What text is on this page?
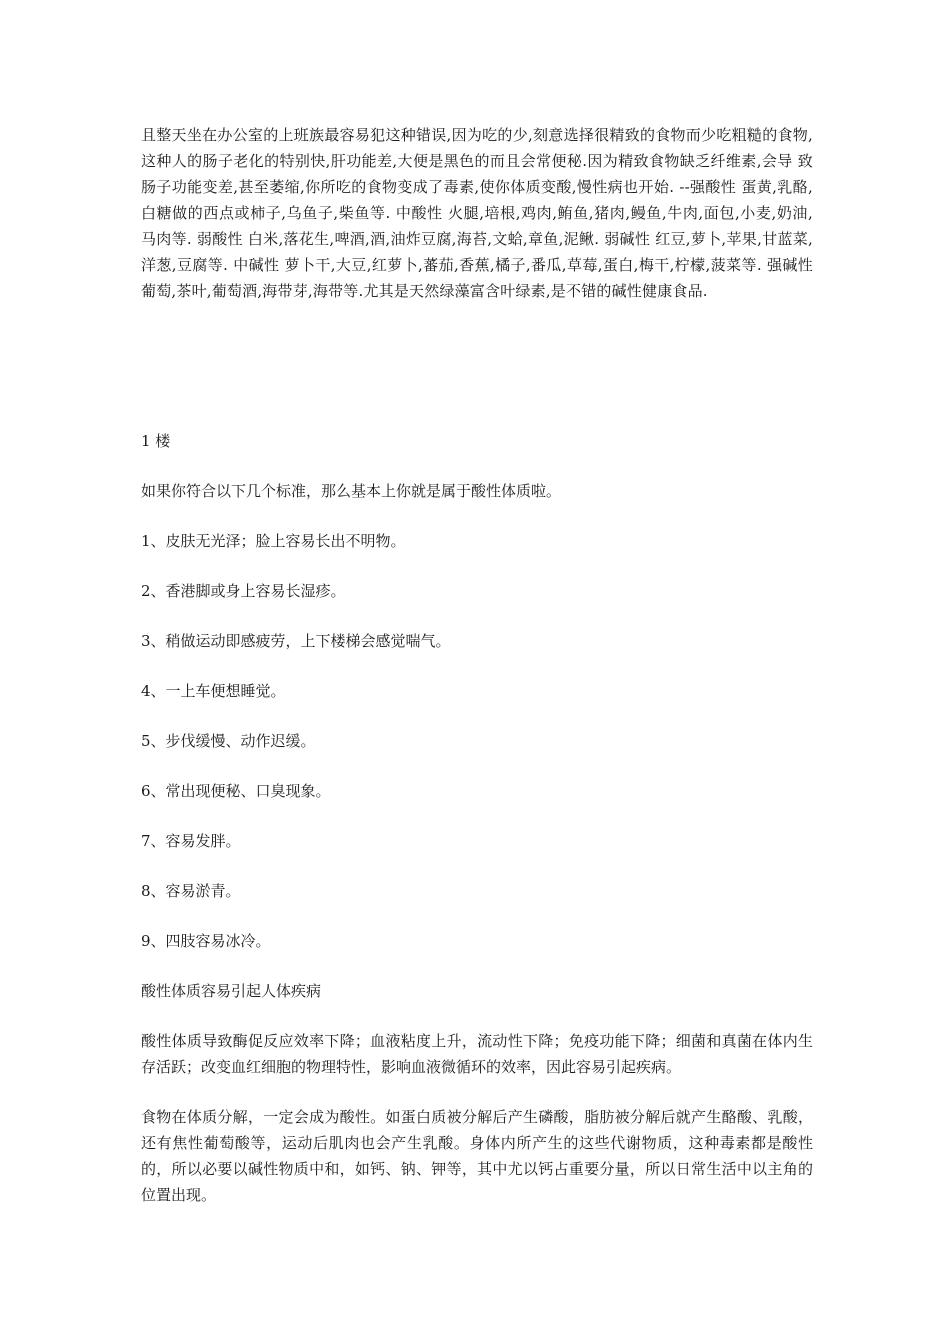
且整天坐在办公室的上班族最容易犯这种错误,因为吃的少,刻意选择很精致的食物而少吃粗糙的食物,这种人的肠子老化的特别快,肝功能差,大便是黑色的而且会常便秘.因为精致食物缺乏纤维素,会导 致肠子功能变差,甚至萎缩,你所吃的食物变成了毒素,使你体质变酸,慢性病也开始. --强酸性 蛋黄,乳酪,白糖做的西点或柿子,乌鱼子,柴鱼等. 中酸性 火腿,培根,鸡肉,鲔鱼,猪肉,鳗鱼,牛肉,面包,小麦,奶油, 马肉等. 弱酸性 白米,落花生,啤酒,酒,油炸豆腐,海苔,文蛤,章鱼,泥鳅. 弱碱性 红豆,萝卜,苹果,甘蓝菜,洋葱,豆腐等. 中碱性 萝卜干,大豆,红萝卜,蕃茄,香蕉,橘子,番瓜,草莓,蛋白,梅干,柠檬,菠菜等. 强碱性 葡萄,茶叶,葡萄酒,海带芽,海带等.尤其是天然绿藻富含叶绿素,是不错的碱性健康食品.

1 楼

如果你符合以下几个标准，那么基本上你就是属于酸性体质啦。

1、皮肤无光泽；脸上容易长出不明物。

2、香港脚或身上容易长湿疹。

3、稍做运动即感疲劳，上下楼梯会感觉喘气。

4、一上车便想睡觉。

5、步伐缓慢、动作迟缓。

6、常出现便秘、口臭现象。

7、容易发胖。

8、容易淤青。

9、四肢容易冰冷。

酸性体质容易引起人体疾病

酸性体质导致酶促反应效率下降；血液粘度上升，流动性下降；免疫功能下降；细菌和真菌在体内生存活跃；改变血红细胞的物理特性，影响血液微循环的效率，因此容易引起疾病。

食物在体质分解，一定会成为酸性。如蛋白质被分解后产生磷酸，脂肪被分解后就产生酪酸、乳酸，还有焦性葡萄酸等，运动后肌肉也会产生乳酸。身体内所产生的这些代谢物质，这种毒素都是酸性的，所以必要以碱性物质中和，如钙、钠、钾等，其中尤以钙占重要分量，所以日常生活中以主角的位置出现。
